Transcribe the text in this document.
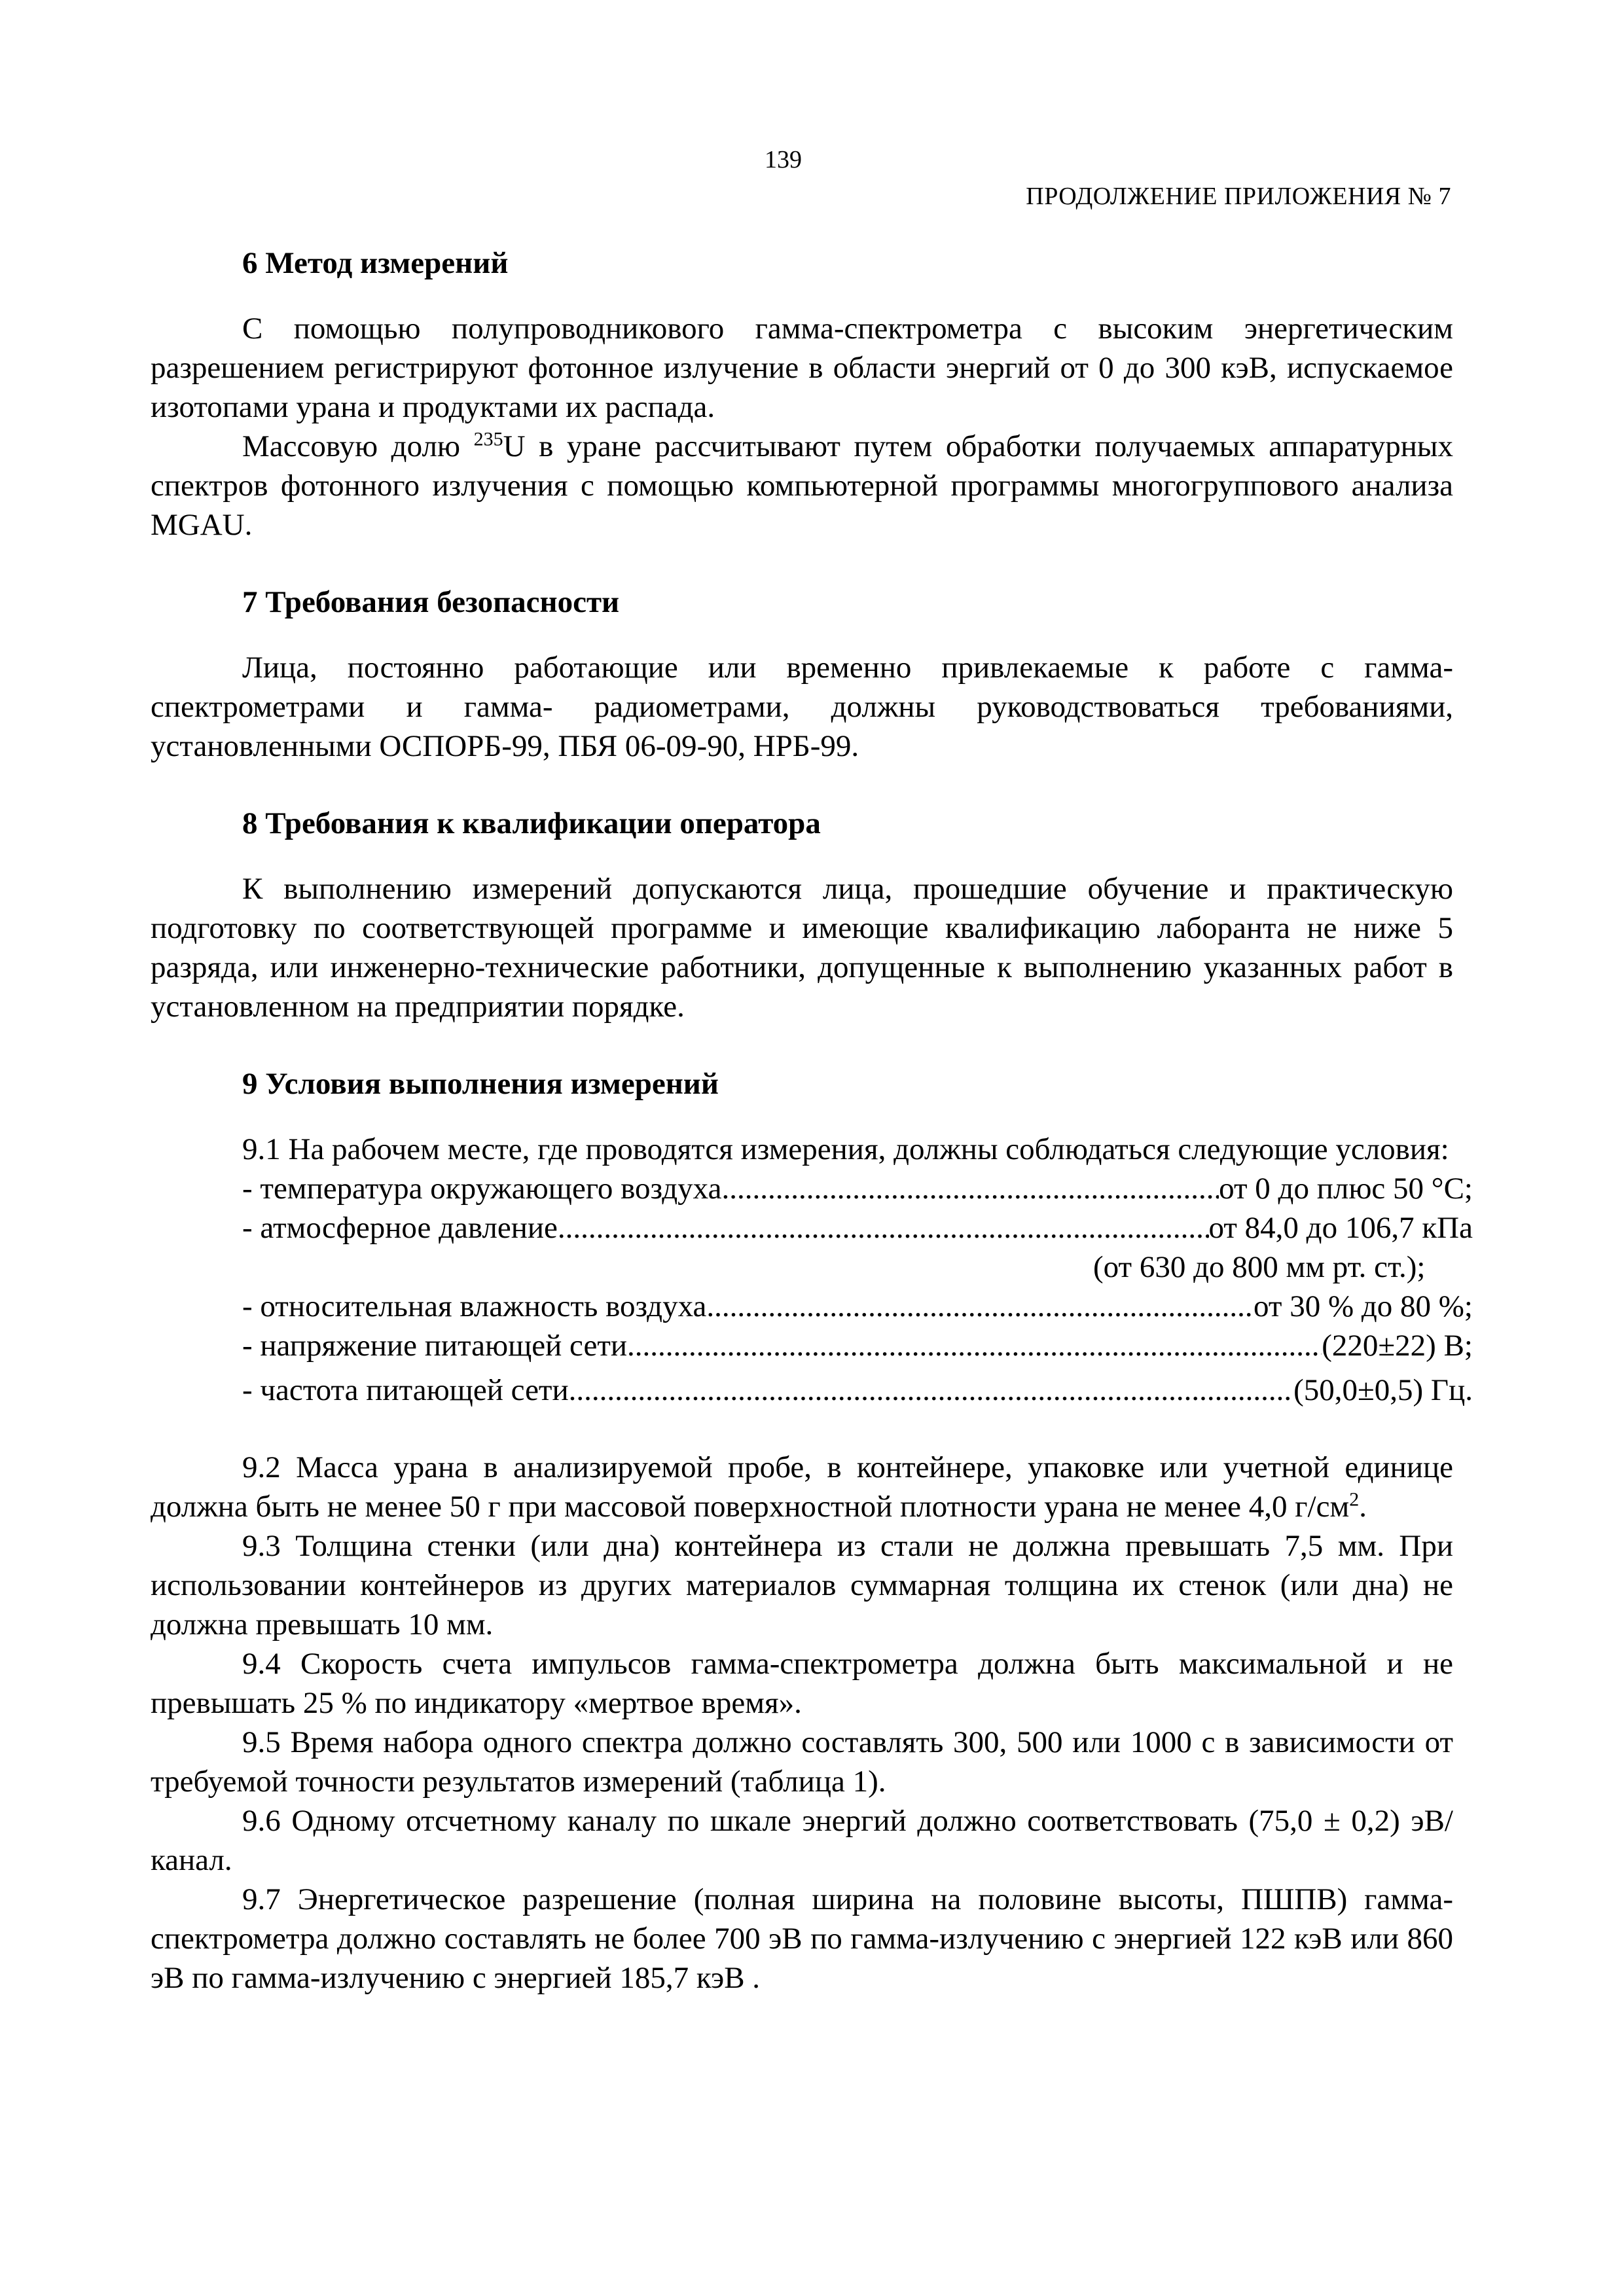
139
ПРОДОЛЖЕНИЕ ПРИЛОЖЕНИЯ № 7

6 Метод измерений

С помощью полупроводникового гамма-спектрометра с высоким энергетическим разрешением регистрируют фотонное излучение в области энергий от 0 до 300 кэВ, испускаемое изотопами урана и продуктами их распада.

Массовую долю $^{235}$U в уране рассчитывают путем обработки получаемых аппаратурных спектров фотонного излучения с помощью компьютерной программы многогруппового анализа MGAU.

7 Требования безопасности

Лица, постоянно работающие или временно привлекаемые к работе с гамма-спектрометрами и гамма- радиометрами, должны руководствоваться требованиями, установленными ОСПОРБ-99, ПБЯ 06-09-90, НРБ-99.

8 Требования к квалификации оператора

К выполнению измерений допускаются лица, прошедшие обучение и практическую подготовку по соответствующей программе и имеющие квалификацию лаборанта не ниже 5 разряда, или инженерно-технические работники, допущенные к выполнению указанных работ в установленном на предприятии порядке.

9 Условия выполнения измерений

9.1 На рабочем месте, где проводятся измерения, должны соблюдаться следующие условия:

- температура окружающего воздуха .....	от 0 до плюс 50 °С;
- атмосферное давление .....	от 84,0 до 106,7 кПа
(от 630 до 800 мм рт. ст.);
- относительная влажность воздуха .....	от 30 % до 80 %;
- напряжение питающей сети .....	(220±22) В;
- частота питающей сети .....	(50,0±0,5) Гц.

9.2 Масса урана в анализируемой пробе, в контейнере, упаковке или учетной единице должна быть не менее 50 г при массовой поверхностной плотности урана не менее 4,0 $г/см^2$.

9.3 Толщина стенки (или дна) контейнера из стали не должна превышать 7,5 мм. При использовании контейнеров из других материалов суммарная толщина их стенок (или дна) не должна превышать 10 мм.

9.4 Скорость счета импульсов гамма-спектрометра должна быть максимальной и не превышать 25 % по индикатору «мертвое время».

9.5 Время набора одного спектра должно составлять 300, 500 или 1000 с в зависимости от требуемой точности результатов измерений (таблица 1).

9.6 Одному отсчетному каналу по шкале энергий должно соответствовать (75,0 ± 0,2) эВ/канал.

9.7 Энергетическое разрешение (полная ширина на половине высоты, ПШПВ) гамма-спектрометра должно составлять не более 700 эВ по гамма-излучению с энергией 122 кэВ или 860 эВ по гамма-излучению с энергией 185,7 кэВ .
